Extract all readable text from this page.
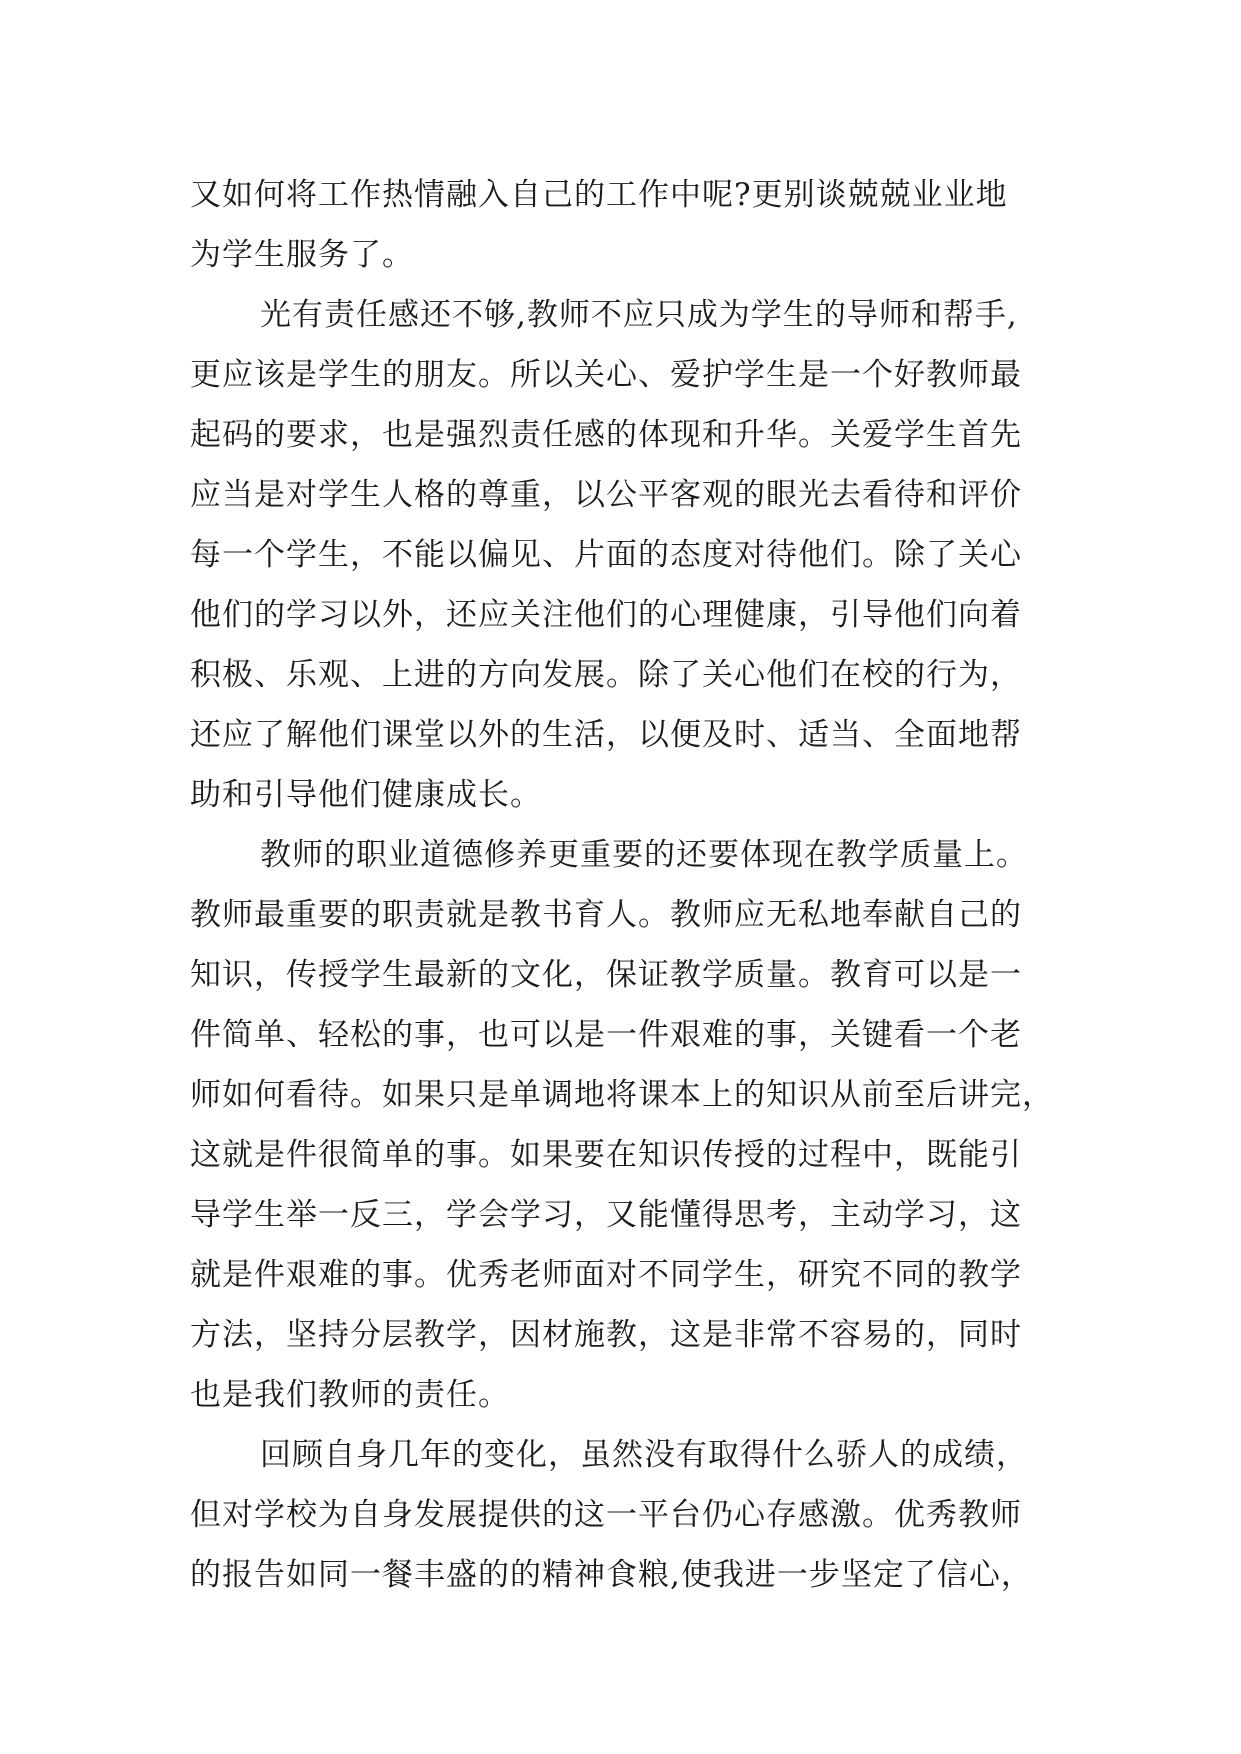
又如何将工作热情融入自己的工作中呢?更别谈兢兢业业地
为学生服务了。
光有责任感还不够,教师不应只成为学生的导师和帮手,
更应该是学生的朋友。所以关心、爱护学生是一个好教师最
起码的要求，也是强烈责任感的体现和升华。关爱学生首先
应当是对学生人格的尊重，以公平客观的眼光去看待和评价
每一个学生，不能以偏见、片面的态度对待他们。除了关心
他们的学习以外，还应关注他们的心理健康，引导他们向着
积极、乐观、上进的方向发展。除了关心他们在校的行为，
还应了解他们课堂以外的生活，以便及时、适当、全面地帮
助和引导他们健康成长。
教师的职业道德修养更重要的还要体现在教学质量上。
教师最重要的职责就是教书育人。教师应无私地奉献自己的
知识，传授学生最新的文化，保证教学质量。教育可以是一
件简单、轻松的事，也可以是一件艰难的事，关键看一个老
师如何看待。如果只是单调地将课本上的知识从前至后讲完，
这就是件很简单的事。如果要在知识传授的过程中，既能引
导学生举一反三，学会学习，又能懂得思考，主动学习，这
就是件艰难的事。优秀老师面对不同学生，研究不同的教学
方法，坚持分层教学，因材施教，这是非常不容易的，同时
也是我们教师的责任。
回顾自身几年的变化，虽然没有取得什么骄人的成绩，
但对学校为自身发展提供的这一平台仍心存感激。优秀教师
的报告如同一餐丰盛的的精神食粮,使我进一步坚定了信心，
